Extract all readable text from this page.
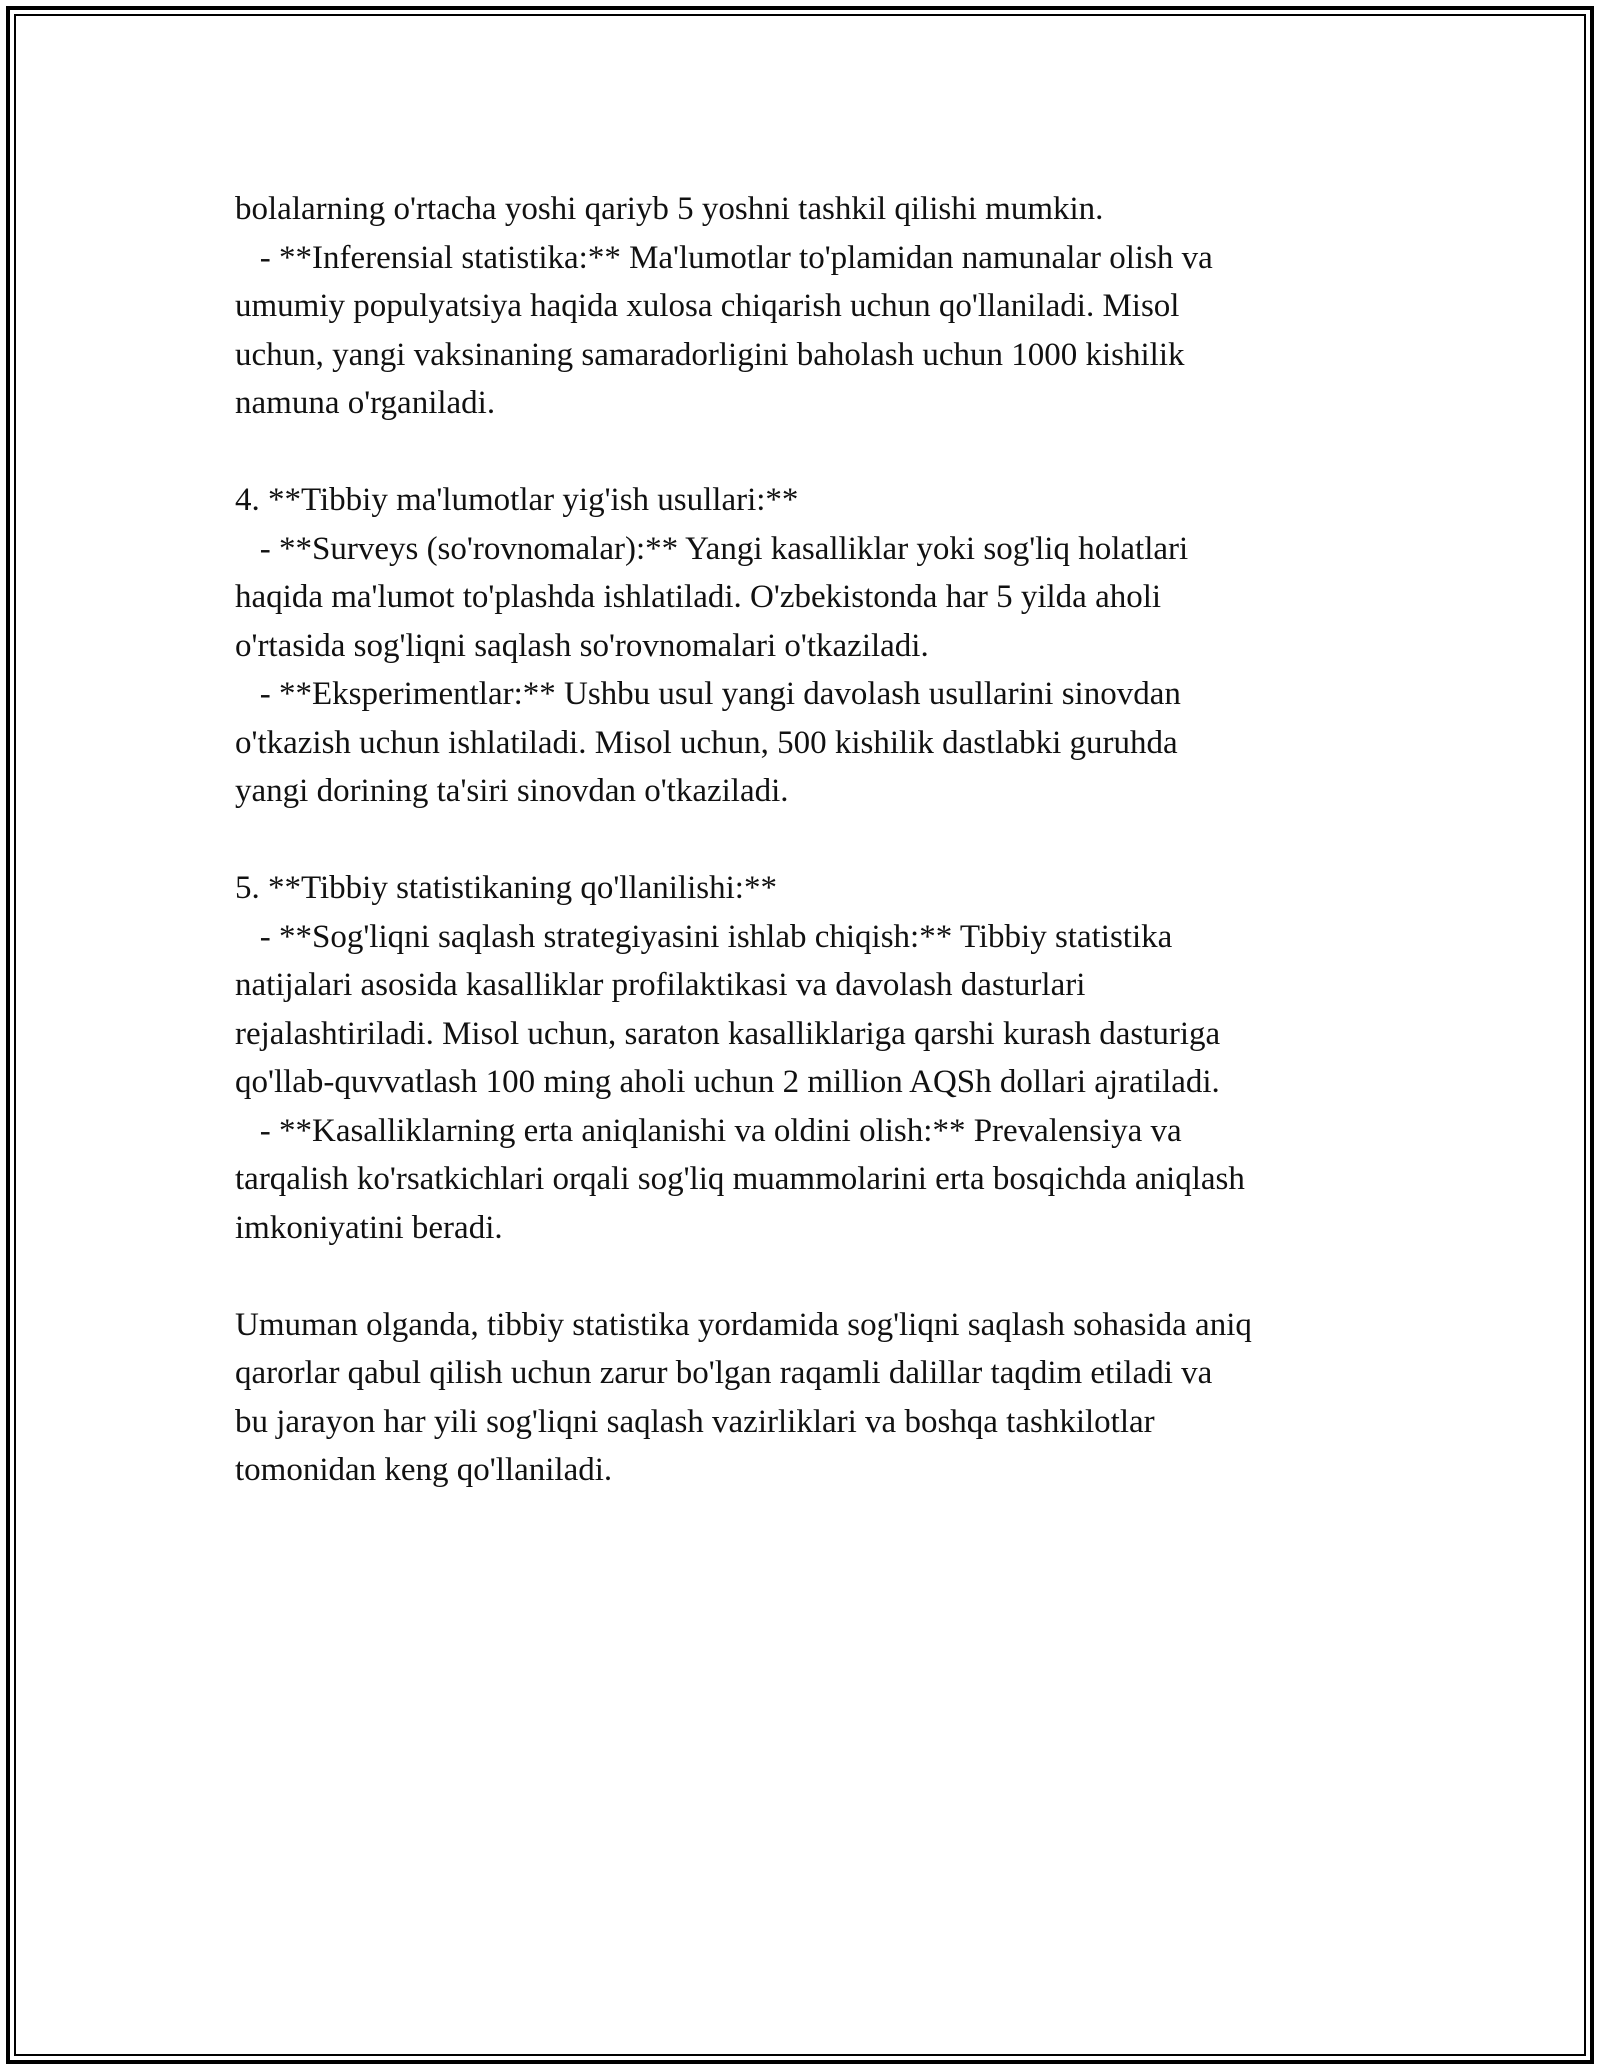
bolalarning o'rtacha yoshi qariyb 5 yoshni tashkil qilishi mumkin.
- **Inferensial statistika:** Ma'lumotlar to'plamidan namunalar olish va
umumiy populyatsiya haqida xulosa chiqarish uchun qo'llaniladi. Misol
uchun, yangi vaksinaning samaradorligini baholash uchun 1000 kishilik
namuna o'rganiladi.
4. **Tibbiy ma'lumotlar yig'ish usullari:**
- **Surveys (so'rovnomalar):** Yangi kasalliklar yoki sog'liq holatlari
haqida ma'lumot to'plashda ishlatiladi. O'zbekistonda har 5 yilda aholi
o'rtasida sog'liqni saqlash so'rovnomalari o'tkaziladi.
- **Eksperimentlar:** Ushbu usul yangi davolash usullarini sinovdan
o'tkazish uchun ishlatiladi. Misol uchun, 500 kishilik dastlabki guruhda
yangi dorining ta'siri sinovdan o'tkaziladi.
5. **Tibbiy statistikaning qo'llanilishi:**
- **Sog'liqni saqlash strategiyasini ishlab chiqish:** Tibbiy statistika
natijalari asosida kasalliklar profilaktikasi va davolash dasturlari
rejalashtiriladi. Misol uchun, saraton kasalliklariga qarshi kurash dasturiga
qo'llab-quvvatlash 100 ming aholi uchun 2 million AQSh dollari ajratiladi.
- **Kasalliklarning erta aniqlanishi va oldini olish:** Prevalensiya va
tarqalish ko'rsatkichlari orqali sog'liq muammolarini erta bosqichda aniqlash
imkoniyatini beradi.
Umuman olganda, tibbiy statistika yordamida sog'liqni saqlash sohasida aniq
qarorlar qabul qilish uchun zarur bo'lgan raqamli dalillar taqdim etiladi va
bu jarayon har yili sog'liqni saqlash vazirliklari va boshqa tashkilotlar
tomonidan keng qo'llaniladi.
